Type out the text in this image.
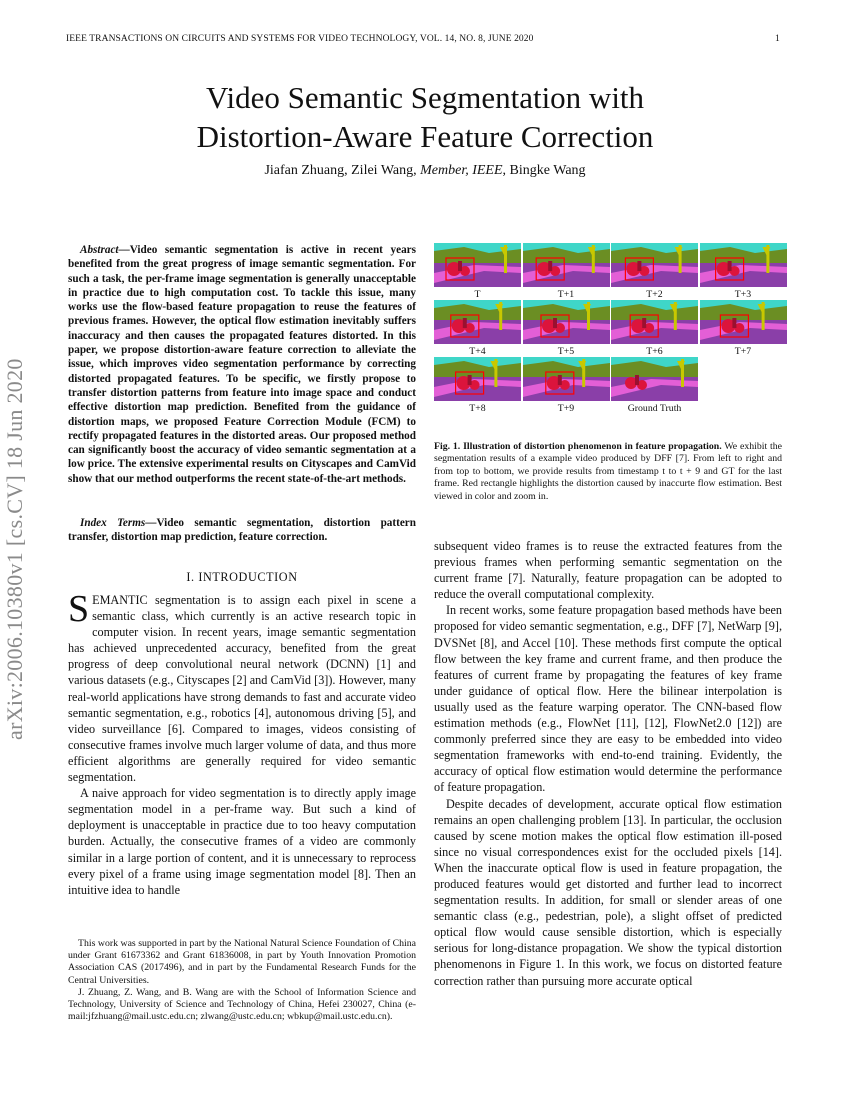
IEEE TRANSACTIONS ON CIRCUITS AND SYSTEMS FOR VIDEO TECHNOLOGY, VOL. 14, NO. 8, JUNE 2020	1
arXiv:2006.10380v1 [cs.CV] 18 Jun 2020
Video Semantic Segmentation with
Distortion-Aware Feature Correction
Jiafan Zhuang, Zilei Wang, Member, IEEE, Bingke Wang
Abstract—Video semantic segmentation is active in recent years benefited from the great progress of image semantic segmentation. For such a task, the per-frame image segmentation is generally unacceptable in practice due to high computation cost. To tackle this issue, many works use the flow-based feature propagation to reuse the features of previous frames. However, the optical flow estimation inevitably suffers inaccuracy and then causes the propagated features distorted. In this paper, we propose distortion-aware feature correction to alleviate the issue, which improves video segmentation performance by correcting distorted propagated features. To be specific, we firstly propose to transfer distortion patterns from feature into image space and conduct effective distortion map prediction. Benefited from the guidance of distortion maps, we proposed Feature Correction Module (FCM) to rectify propagated features in the distorted areas. Our proposed method can significantly boost the accuracy of video semantic segmentation at a low price. The extensive experimental results on Cityscapes and CamVid show that our method outperforms the recent state-of-the-art methods.
Index Terms—Video semantic segmentation, distortion pattern transfer, distortion map prediction, feature correction.
I. INTRODUCTION

SEMANTIC segmentation is to assign each pixel in scene a semantic class, which currently is an active research topic in computer vision. In recent years, image semantic segmentation has achieved unprecedented accuracy, benefited from the great progress of deep convolutional neural network (DCNN) [1] and various datasets (e.g., Cityscapes [2] and CamVid [3]). However, many real-world applications have strong demands to fast and accurate video semantic segmentation, e.g., robotics [4], autonomous driving [5], and video surveillance [6]. Compared to images, videos consisting of consecutive frames involve much larger volume of data, and thus more efficient algorithms are generally required for video semantic segmentation.

A naive approach for video segmentation is to directly apply image segmentation model in a per-frame way. But such a kind of deployment is unacceptable in practice due to too heavy computation burden. Actually, the consecutive frames of a video are commonly similar in a large portion of content, and it is unnecessary to reprocess every pixel of a frame using image segmentation model [8]. Then an intuitive idea to handle

This work was supported in part by the National Natural Science Foundation of China under Grant 61673362 and Grant 61836008, in part by Youth Innovation Promotion Association CAS (2017496), and in part by the Fundamental Research Funds for the Central Universities.

J. Zhuang, Z. Wang, and B. Wang are with the School of Information Science and Technology, University of Science and Technology of China, Hefei 230027, China (e-mail:jfzhuang@mail.ustc.edu.cn; zlwang@ustc.edu.cn; wbkup@mail.ustc.edu.cn).

T	T+1	T+2	T+3
T+4	T+5	T+6	T+7
T+8	T+9	Ground Truth
Fig. 1. Illustration of distortion phenomenon in feature propagation. We exhibit the segmentation results of a example video produced by DFF [7]. From left to right and from top to bottom, we provide results from timestamp t to t + 9 and GT for the last frame. Red rectangle highlights the distortion caused by inaccurte flow estimation. Best viewed in color and zoom in.

subsequent video frames is to reuse the extracted features from the previous frames when performing semantic segmentation on the current frame [7]. Naturally, feature propagation can be adopted to reduce the overall computational complexity.

In recent works, some feature propagation based methods have been proposed for video semantic segmentation, e.g., DFF [7], NetWarp [9], DVSNet [8], and Accel [10]. These methods first compute the optical flow between the key frame and current frame, and then produce the features of current frame by propagating the features of key frame under guidance of optical flow. Here the bilinear interpolation is usually used as the feature warping operator. The CNN-based flow estimation methods (e.g., FlowNet [11], [12], FlowNet2.0 [12]) are commonly preferred since they are easy to be embedded into video segmentation frameworks with end-to-end training. Evidently, the accuracy of optical flow estimation would determine the performance of feature propagation.

Despite decades of development, accurate optical flow estimation remains an open challenging problem [13]. In particular, the occlusion caused by scene motion makes the optical flow estimation ill-posed since no visual correspondences exist for the occluded pixels [14]. When the inaccurate optical flow is used in feature propagation, the produced features would get distorted and further lead to incorrect segmentation results. In addition, for small or slender areas of one semantic class (e.g., pedestrian, pole), a slight offset of predicted optical flow would cause sensible distortion, which is especially serious for long-distance propagation. We show the typical distortion phenomenons in Figure 1. In this work, we focus on distorted feature correction rather than pursuing more accurate optical
